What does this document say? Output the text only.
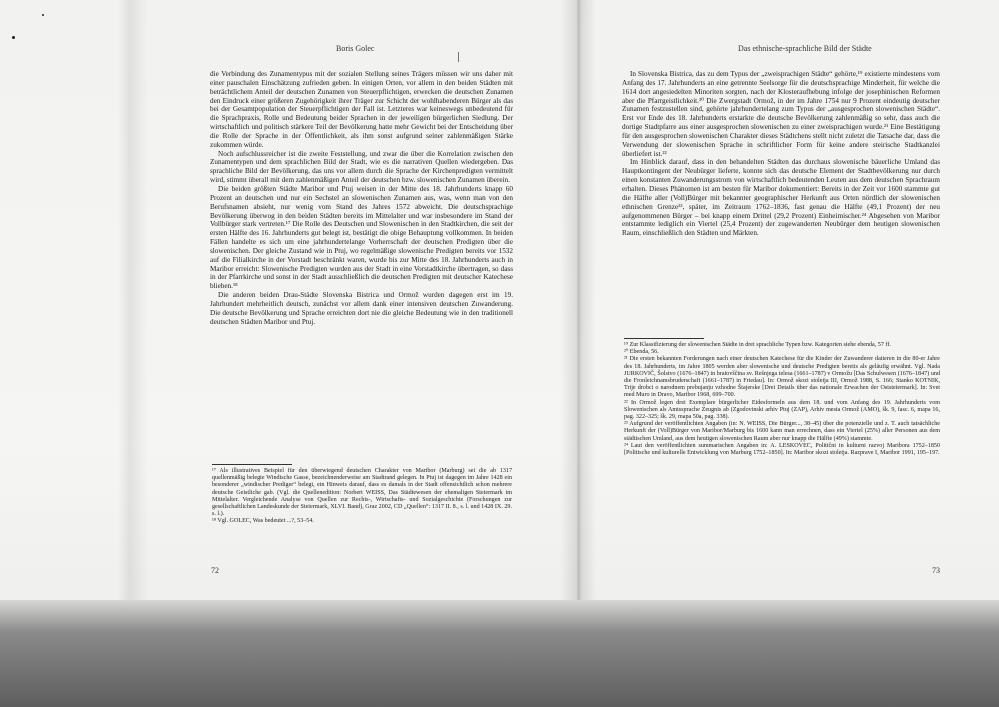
Boris Golec

die Verbindung des Zunamentypus mit der sozialen Stellung seines Trägers müssen wir uns daher mit einer pauschalen Einschätzung zufrieden geben. In einigen Orten, vor allem in den beiden Städten mit beträchtlichem Anteil der deutschen Zunamen von Steuerpflichtigen, erwecken die deutschen Zunamen den Eindruck einer größeren Zugehörigkeit ihrer Träger zur Schicht der wohlhabenderen Bürger als das bei der Gesamtpopulation der Steuerpflichtigen der Fall ist. Letzteres war keineswegs unbedeutend für die Sprachpraxis, Rolle und Bedeutung beider Sprachen in der jeweiligen bürgerlichen Siedlung. Der wirtschaftlich und politisch stärkere Teil der Bevölkerung hatte mehr Gewicht bei der Entscheidung über die Rolle der Sprache in der Öffentlichkeit, als ihm sonst aufgrund seiner zahlenmäßigen Stärke zukommen würde.

Noch aufschlussreicher ist die zweite Feststellung, und zwar die über die Korrelation zwischen den Zunamentypen und dem sprachlichen Bild der Stadt, wie es die narrativen Quellen wiedergeben. Das sprachliche Bild der Bevölkerung, das uns vor allem durch die Sprache der Kirchenpredigten vermittelt wird, stimmt überall mit dem zahlenmäßigen Anteil der deutschen bzw. slowenischen Zunamen überein.

Die beiden größten Städte Maribor und Ptuj weisen in der Mitte des 18. Jahrhunderts knapp 60 Prozent an deutschen und nur ein Sechstel an slowenischen Zunamen aus, was, wenn man von den Berufsnamen absieht, nur wenig vom Stand des Jahres 1572 abweicht. Die deutschsprachige Bevölkerung überwog in den beiden Städten bereits im Mittelalter und war insbesondere im Stand der Vollbürger stark vertreten.¹⁷ Die Rolle des Deutschen und Slowenischen in den Stadtkirchen, die seit der ersten Hälfte des 16. Jahrhunderts gut belegt ist, bestätigt die obige Behauptung vollkommen. In beiden Fällen handelte es sich um eine jahrhundertelange Vorherrschaft der deutschen Predigten über die slowenischen. Der gleiche Zustand wie in Ptuj, wo regelmäßige slowenische Predigten bereits vor 1532 auf die Filialkirche in der Vorstadt beschränkt waren, wurde bis zur Mitte des 18. Jahrhunderts auch in Maribor erreicht: Slowenische Predigten wurden aus der Stadt in eine Vorstadtkirche übertragen, so dass in der Pfarrkirche und sonst in der Stadt ausschließlich die deutschen Predigten mit deutscher Katechese blieben.¹⁸

Die anderen beiden Drau-Städte Slovenska Bistrica und Ormož wurden dagegen erst im 19. Jahrhundert mehrheitlich deutsch, zunächst vor allem dank einer intensiven deutschen Zuwanderung. Die deutsche Bevölkerung und Sprache erreichten dort nie die gleiche Bedeutung wie in den traditionell deutschen Städten Maribor und Ptuj.

¹⁷ Als illustratives Beispiel für den überwiegend deutschen Charakter von Maribor (Marburg) sei die ab 1317 quellenmäßig belegte Windische Gasse, bezeichnenderweise am Stadtrand gelegen. In Ptuj ist dagegen im Jahre 1428 ein besonderer „windischer Prediger“ belegt, ein Hinweis darauf, dass es damals in der Stadt offensichtlich schon mehrere deutsche Geistliche gab. (Vgl. die Quellenedition: Norbert WEISS, Das Städtewesen der ehemaligen Steiermark im Mittelalter. Vergleichende Analyse von Quellen zur Rechts-, Wirtschafts- und Sozialgeschichte (Forschungen zur gesellschaftlichen Landeskunde der Steiermark, XLVI. Band), Graz 2002, CD „Quellen“: 1317 II. 8., s. l. und 1428 IX. 29. s. l.).

¹⁸ Vgl. GOLEC, Was bedeutet ...?, 53–54.

72
Das ethnische-sprachliche Bild der Städte

In Slovenska Bistrica, das zu dem Typus der „zweisprachigen Städte“ gehörte,¹⁹ existierte mindestens vom Anfang des 17. Jahrhunderts an eine getrennte Seelsorge für die deutschsprachige Minderheit, für welche die 1614 dort angesiedelten Minoriten sorgten, nach der Klosteraufhebung infolge der josephinischen Reformen aber die Pfarrgeistlichkeit.²⁰ Die Zwergstadt Ormož, in der im Jahre 1754 nur 9 Prozent eindeutig deutscher Zunamen festzustellen sind, gehörte jahrhundertelang zum Typus der „ausgesprochen slowenischen Städte“. Erst vor Ende des 18. Jahrhunderts erstarkte die deutsche Bevölkerung zahlenmäßig so sehr, dass auch die dortige Stadtpfarre aus einer ausgesprochen slowenischen zu einer zweisprachigen wurde.²¹ Eine Bestätigung für den ausgesprochen slowenischen Charakter dieses Städtchens stellt nicht zuletzt die Tatsache dar, dass die Verwendung der slowenischen Sprache in schriftlicher Form für keine andere steirische Stadtkanzlei überliefert ist.²²

Im Hinblick darauf, dass in den behandelten Städten das durchaus slowenische bäuerliche Umland das Hauptkontingent der Neubürger lieferte, konnte sich das deutsche Element der Stadtbevölkerung nur durch einen konstanten Zuwanderungsstrom von wirtschaftlich bedeutenden Leuten aus dem deutschen Sprachraum erhalten. Dieses Phänomen ist am besten für Maribor dokumentiert: Bereits in der Zeit vor 1600 stammte gut die Hälfte aller (Voll)Bürger mit bekannter geographischer Herkunft aus Orten nördlich der slowenischen ethnischen Grenze²³, später, im Zeitraum 1762–1836, fast genau die Hälfte (49,1 Prozent) der neu aufgenommenen Bürger – bei knapp einem Drittel (29,2 Prozent) Einheimischer.²⁴ Abgesehen von Maribor entstammte lediglich ein Viertel (25,4 Prozent) der zugewanderten Neubürger dem heutigen slowenischen Raum, einschließlich den Städten und Märkten.

¹⁹ Zur Klassifizierung der slowenischen Städte in drei sprachliche Typen bzw. Kategorien siehe ebenda, 57 ff.

²⁰ Ebenda, 56.

²¹ Die ersten bekannten Forderungen nach einer deutschen Katechese für die Kinder der Zuwanderer datieren in die 80-er Jahre des 18. Jahrhunderts, im Jahre 1805 werden aber slowenische und deutsche Predigten bereits als geläufig erwähnt. Vgl. Nada JURKOVIČ, Šolstvo (1676–1847) in bratovščina sv. Rešnjega telesa (1661–1787) v Ormožu [Das Schulwesen (1676–1847) und die Fronleichnamsbruderschaft (1661–1787) in Friedau]. In: Ormož skozi stoletja III, Ormož 1988, S. 166; Stanko KOTNIK, Trije drobci o narodnem prebujanju vzhodne Štajerske [Drei Details über das nationale Erwachen der Oststeiermark]. In: Svet med Muro in Dravo, Maribor 1968, 699–700.

²² In Ormož legen drei Exemplare bürgerlicher Eidesformeln aus dem 18. und vom Anfang des 19. Jahrhunderts vom Slowenischen als Amtssprache Zeugnis ab (Zgodovinski arhiv Ptuj (ZAP), Arhiv mesta Ormož (AMO), šk. 9, fasc. 6, mapa 16, pag. 322–325; šk. 29, mapa 50a, pag. 338).

²³ Aufgrund der veröffentlichten Angaben (in: N. WEISS, Die Bürger..., 38–45) über die potenzielle und z. T. auch tatsächliche Herkunft der (Voll)Bürger von Maribor/Marburg bis 1600 kann man errechnen, dass ein Viertel (25%) aller Personen aus dem städtischen Umland, aus dem heutigen slowenischen Raum aber nur knapp die Hälfte (49%) stammte.

²⁴ Laut den veröffentlichten summarischen Angaben in: A. LESKOVEC, Politični in kulturni razvoj Maribora 1752–1850 [Politische und kulturelle Entwicklung von Marburg 1752–1850]. In: Maribor skozi stoletja. Razprave I, Maribor 1991, 195–197.

73
